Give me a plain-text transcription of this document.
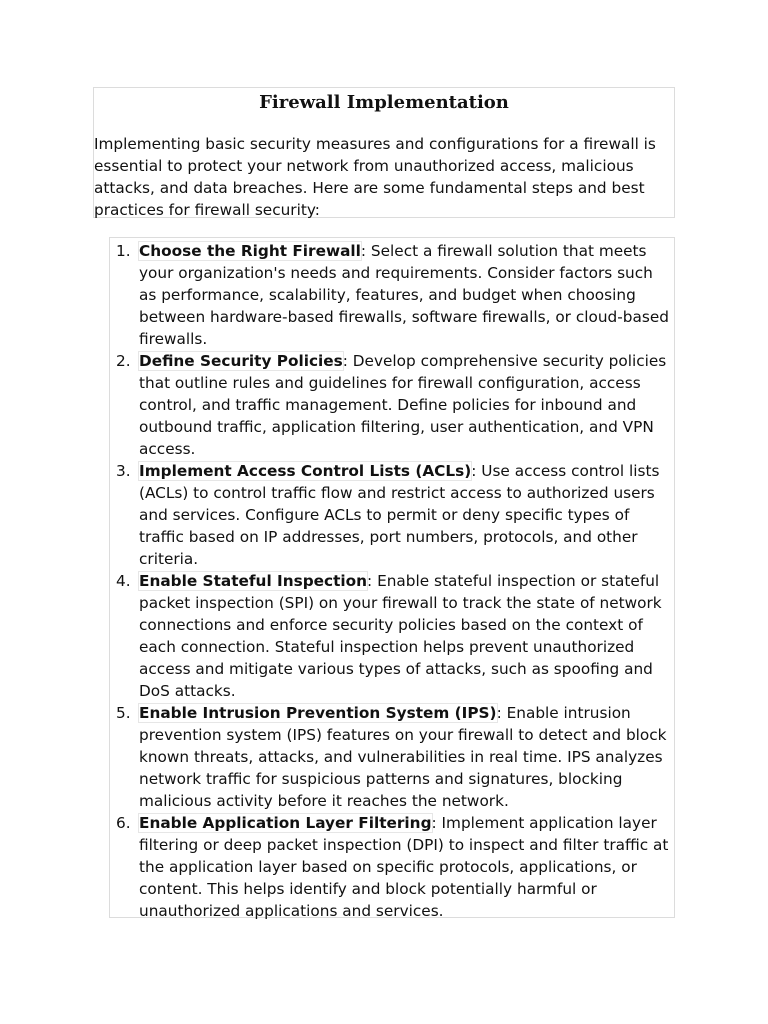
Firewall Implementation

Implementing basic security measures and configurations for a firewall is essential to protect your network from unauthorized access, malicious attacks, and data breaches. Here are some fundamental steps and best practices for firewall security:

1. Choose the Right Firewall: Select a firewall solution that meets your organization's needs and requirements. Consider factors such as performance, scalability, features, and budget when choosing between hardware-based firewalls, software firewalls, or cloud-based firewalls.
2. Define Security Policies: Develop comprehensive security policies that outline rules and guidelines for firewall configuration, access control, and traffic management. Define policies for inbound and outbound traffic, application filtering, user authentication, and VPN access.
3. Implement Access Control Lists (ACLs): Use access control lists (ACLs) to control traffic flow and restrict access to authorized users and services. Configure ACLs to permit or deny specific types of traffic based on IP addresses, port numbers, protocols, and other criteria.
4. Enable Stateful Inspection: Enable stateful inspection or stateful packet inspection (SPI) on your firewall to track the state of network connections and enforce security policies based on the context of each connection. Stateful inspection helps prevent unauthorized access and mitigate various types of attacks, such as spoofing and DoS attacks.
5. Enable Intrusion Prevention System (IPS): Enable intrusion prevention system (IPS) features on your firewall to detect and block known threats, attacks, and vulnerabilities in real time. IPS analyzes network traffic for suspicious patterns and signatures, blocking malicious activity before it reaches the network.
6. Enable Application Layer Filtering: Implement application layer filtering or deep packet inspection (DPI) to inspect and filter traffic at the application layer based on specific protocols, applications, or content. This helps identify and block potentially harmful or unauthorized applications and services.
